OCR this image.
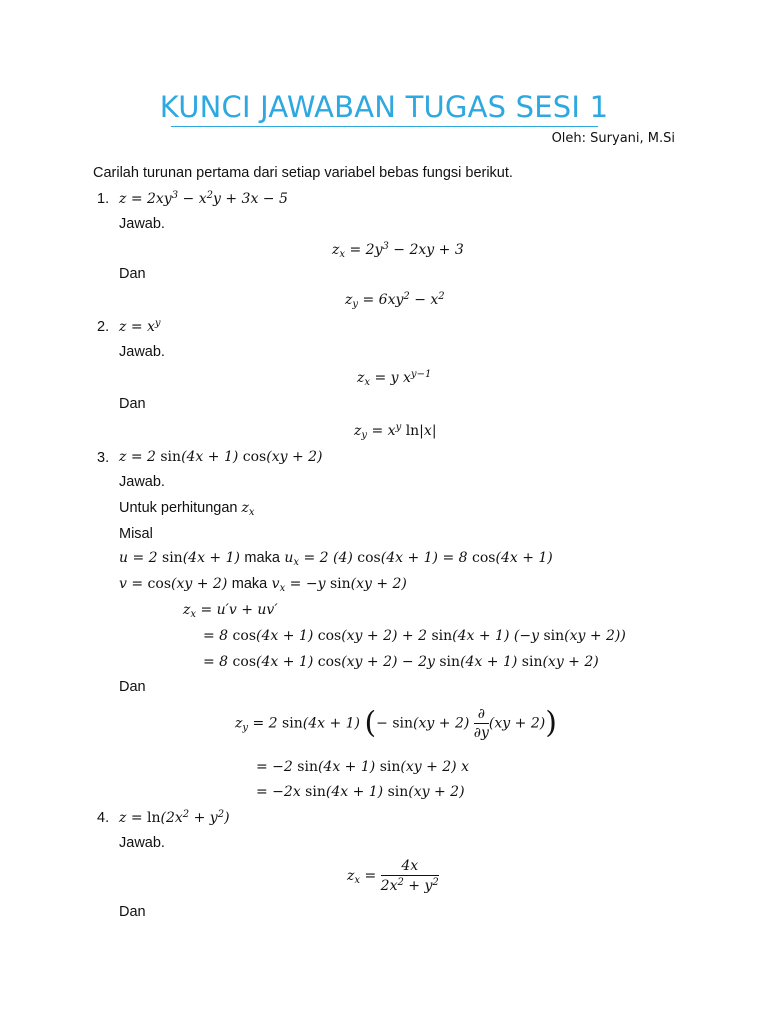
KUNCI JAWABAN TUGAS SESI 1
Oleh: Suryani, M.Si
Carilah turunan pertama dari setiap variabel bebas fungsi berikut.
1. $z = 2xy^3 - x^2y + 3x - 5$
Jawab.
$z_x = 2y^3 - 2xy + 3$
Dan
$z_y = 6xy^2 - x^2$
2. $z = x^y$
Jawab.
$z_x = y$ $x^{y-1}$
Dan
$z_y = x^y$ ln|x|
3. z = 2 sin(4x + 1) cos(xy + 2)
Jawab.
Untuk perhitungan $z_x$
Misal
u = 2 sin(4x + 1) maka $u_x = 2$ (4) cos(4x + 1) = 8 cos(4x + 1)
v = cos(xy + 2) maka $v_x = -y$ sin(xy + 2)
$z_x = u'v + uv'$
= 8 cos(4x + 1) cos(xy + 2) + 2 sin(4x + 1) (−y sin(xy + 2))
= 8 cos(4x + 1) cos(xy + 2) − 2y sin(4x + 1) sin(xy + 2)
Dan
$z_y = 2$ sin(4x + 1) (− $\sin(xy + 2) \frac{\partial}{\partial y} (xy + 2)$)
= −2 sin(4x + 1) sin(xy + 2) x
= −2x sin(4x + 1) sin(xy + 2)
4. $z = \ln(2x^2 + y^2)$
Jawab.
$z_x = \frac{4x}{2x^2 + y^2}$
Dan
